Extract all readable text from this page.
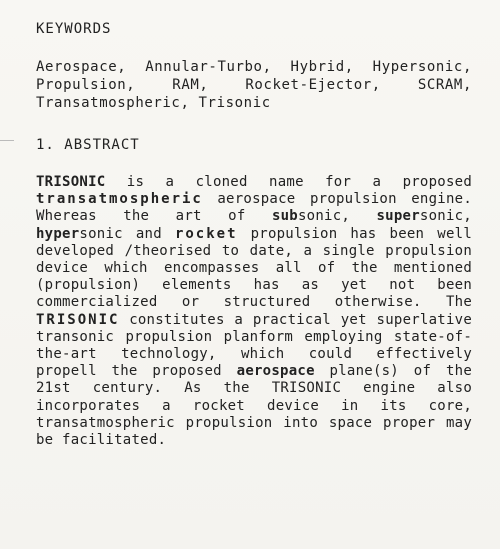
KEYWORDS

Aerospace, Annular-Turbo, Hybrid, Hypersonic, Propulsion, RAM, Rocket-Ejector, SCRAM, Transatmospheric, Trisonic

1. ABSTRACT

TRISONIC is a cloned name for a proposed transatmospheric aerospace propulsion engine. Whereas the art of subsonic, supersonic, hypersonic and rocket propulsion has been well developed /theorised to date, a single propulsion device which encompasses all of the mentioned (propulsion) elements has as yet not been commercialized or structured otherwise. The TRISONIC constitutes a practical yet superlative transonic propulsion planform employing state-of-the-art technology, which could effectively propell the proposed aerospace plane(s) of the 21st century. As the TRISONIC engine also incorporates a rocket device in its core, transatmospheric propulsion into space proper may be facilitated.
